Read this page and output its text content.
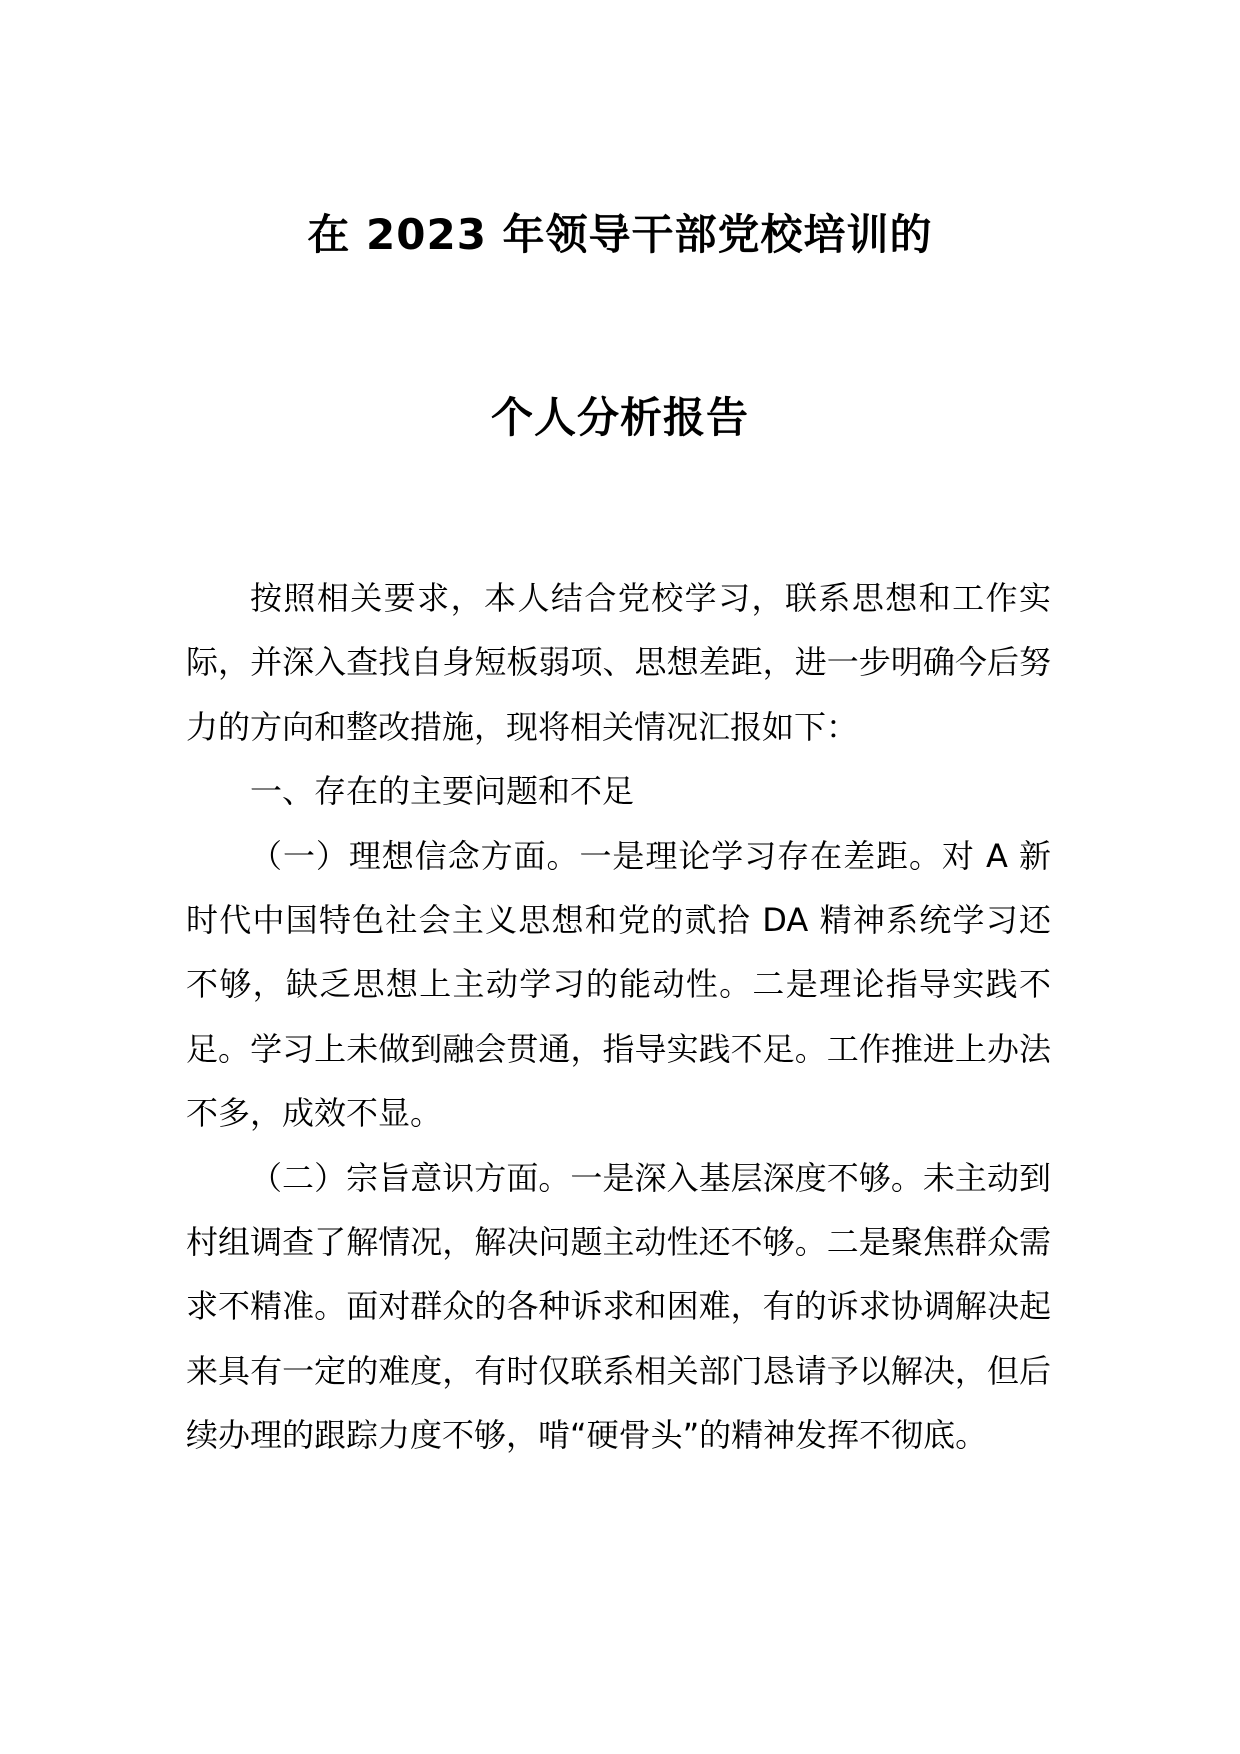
在 2023 年领导干部党校培训的
个人分析报告

按照相关要求，本人结合党校学习，联系思想和工作实际，并深入查找自身短板弱项、思想差距，进一步明确今后努力的方向和整改措施，现将相关情况汇报如下：

一、存在的主要问题和不足

（一）理想信念方面。一是理论学习存在差距。对 A 新时代中国特色社会主义思想和党的贰拾 DA 精神系统学习还不够，缺乏思想上主动学习的能动性。二是理论指导实践不足。学习上未做到融会贯通，指导实践不足。工作推进上办法不多，成效不显。

（二）宗旨意识方面。一是深入基层深度不够。未主动到村组调查了解情况，解决问题主动性还不够。二是聚焦群众需求不精准。面对群众的各种诉求和困难，有的诉求协调解决起来具有一定的难度，有时仅联系相关部门恳请予以解决，但后续办理的跟踪力度不够，啃“硬骨头”的精神发挥不彻底。
